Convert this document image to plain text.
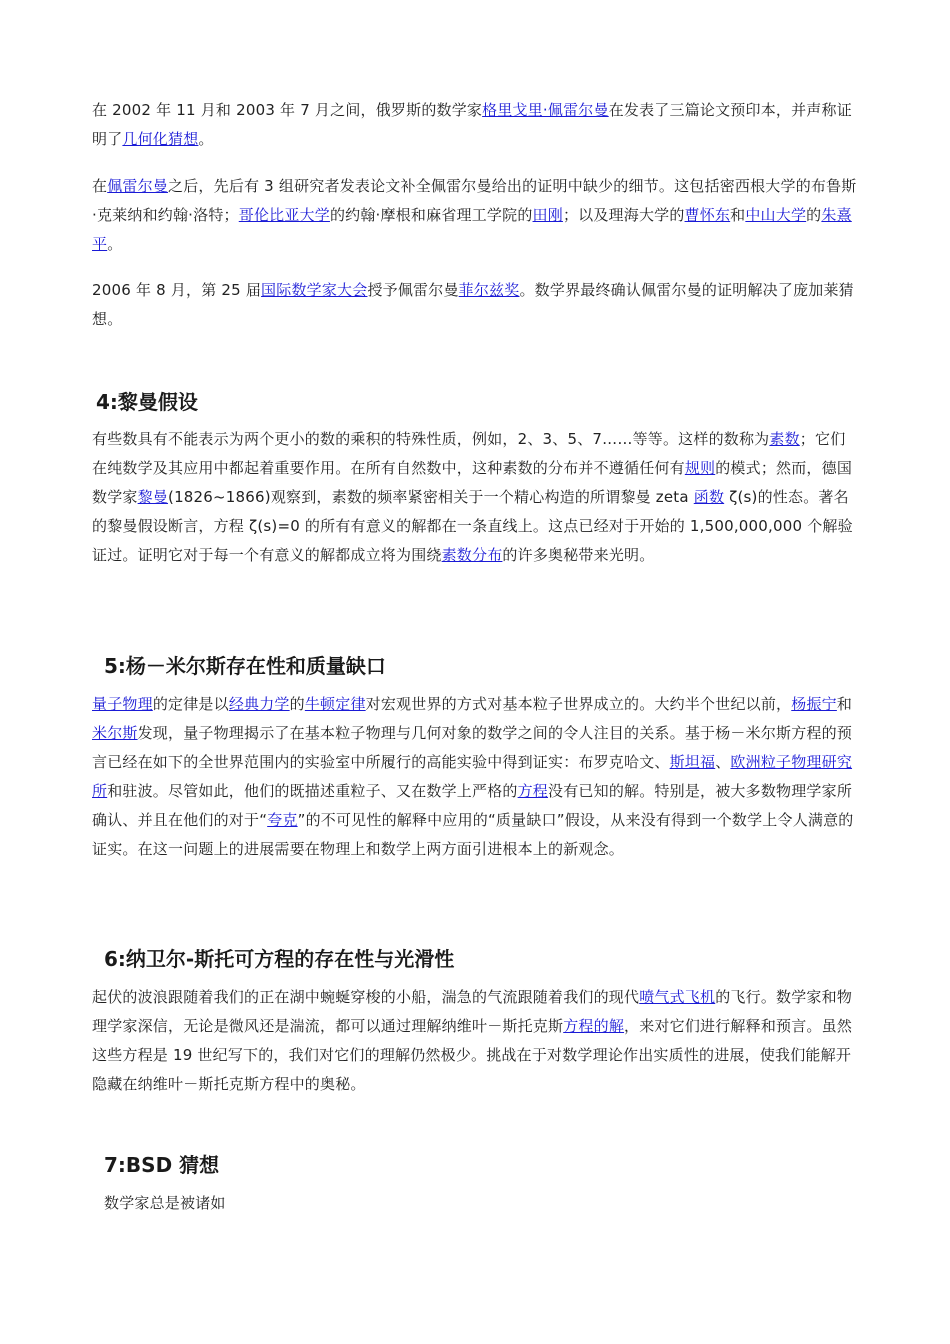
在 2002 年 11 月和 2003 年 7 月之间，俄罗斯的数学家格里戈里·佩雷尔曼在发表了三篇论文预印本，并声称证明了几何化猜想。
在佩雷尔曼之后，先后有 3 组研究者发表论文补全佩雷尔曼给出的证明中缺少的细节。这包括密西根大学的布鲁斯·克莱纳和约翰·洛特；哥伦比亚大学的约翰·摩根和麻省理工学院的田刚；以及理海大学的曹怀东和中山大学的朱熹平。
2006 年 8 月，第 25 届国际数学家大会授予佩雷尔曼菲尔兹奖。数学界最终确认佩雷尔曼的证明解决了庞加莱猜想。
4:黎曼假设
有些数具有不能表示为两个更小的数的乘积的特殊性质，例如，2、3、5、7……等等。这样的数称为素数；它们在纯数学及其应用中都起着重要作用。在所有自然数中，这种素数的分布并不遵循任何有规则的模式；然而，德国数学家黎曼(1826~1866)观察到，素数的频率紧密相关于一个精心构造的所谓黎曼 zeta 函数 ζ(s)的性态。著名的黎曼假设断言，方程 ζ(s)=0 的所有有意义的解都在一条直线上。这点已经对于开始的 1,500,000,000 个解验证过。证明它对于每一个有意义的解都成立将为围绕素数分布的许多奥秘带来光明。
5:杨－米尔斯存在性和质量缺口
量子物理的定律是以经典力学的牛顿定律对宏观世界的方式对基本粒子世界成立的。大约半个世纪以前，杨振宁和米尔斯发现，量子物理揭示了在基本粒子物理与几何对象的数学之间的令人注目的关系。基于杨－米尔斯方程的预言已经在如下的全世界范围内的实验室中所履行的高能实验中得到证实：布罗克哈文、斯坦福、欧洲粒子物理研究所和驻波。尽管如此，他们的既描述重粒子、又在数学上严格的方程没有已知的解。特别是，被大多数物理学家所确认、并且在他们的对于“夸克”的不可见性的解释中应用的“质量缺口”假设，从来没有得到一个数学上令人满意的证实。在这一问题上的进展需要在物理上和数学上两方面引进根本上的新观念。
6:纳卫尔-斯托可方程的存在性与光滑性
起伏的波浪跟随着我们的正在湖中蜿蜒穿梭的小船，湍急的气流跟随着我们的现代喷气式飞机的飞行。数学家和物理学家深信，无论是微风还是湍流，都可以通过理解纳维叶－斯托克斯方程的解，来对它们进行解释和预言。虽然这些方程是 19 世纪写下的，我们对它们的理解仍然极少。挑战在于对数学理论作出实质性的进展，使我们能解开隐藏在纳维叶－斯托克斯方程中的奥秘。
7:BSD 猜想
数学家总是被诸如
